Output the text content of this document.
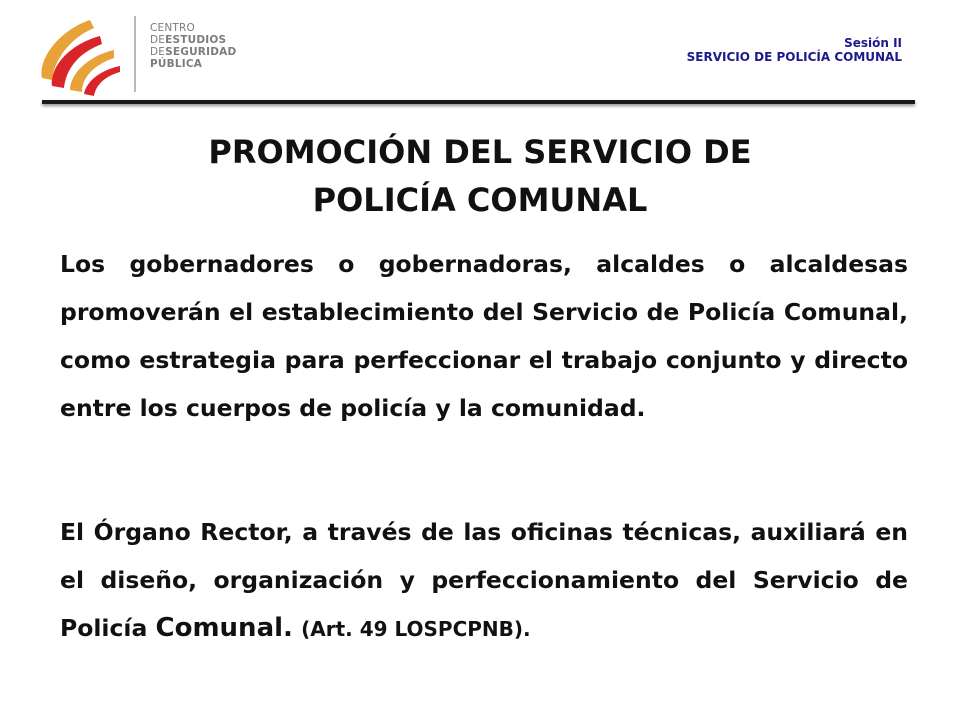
CENTRO
DEESTUDIOS
DESEGURIDAD
PÚBLICA
Sesión II
SERVICIO DE POLICÍA COMUNAL
PROMOCIÓN DEL SERVICIO DE
POLICÍA COMUNAL
Los gobernadores o gobernadoras, alcaldes o alcaldesas promoverán el establecimiento del Servicio de Policía Comunal, como estrategia para perfeccionar el trabajo conjunto y directo entre los cuerpos de policía y la comunidad.
El Órgano Rector, a través de las oficinas técnicas, auxiliará en el diseño, organización y perfeccionamiento del Servicio de Policía Comunal. (Art. 49 LOSPCPNB).
